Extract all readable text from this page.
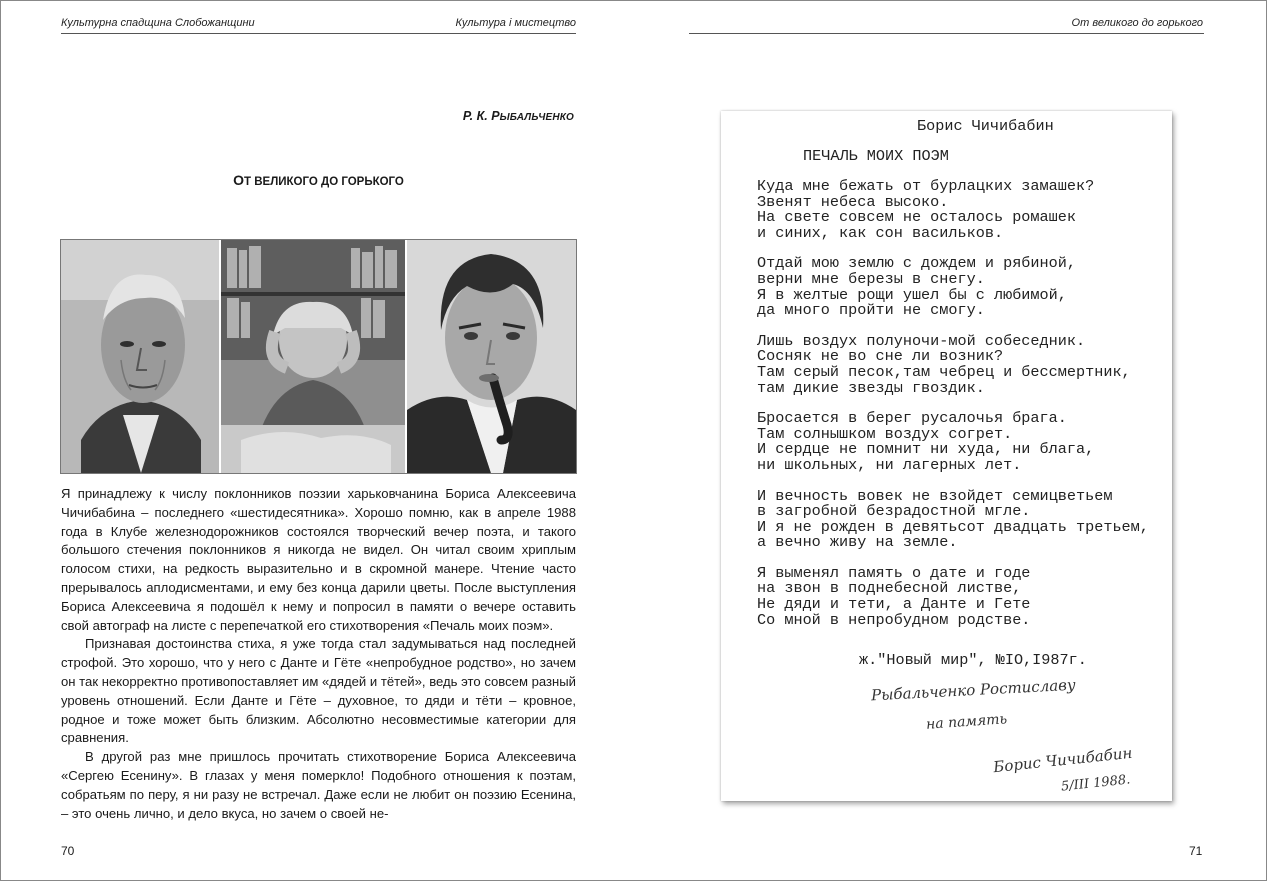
Культурна спадщина Слобожанщини	Культура і мистецтво
Р. К. РЫБАЛЬЧЕНКО
ОТ ВЕЛИКОГО ДО ГОРЬКОГО

Я принадлежу к числу поклонников поэзии харьковчанина Бориса Алексеевича Чичибабина – последнего «шестидесятника». Хорошо помню, как в апреле 1988 года в Клубе железнодорожников состоялся творческий вечер поэта, и такого большого стечения поклонников я никогда не видел. Он читал своим хриплым голосом стихи, на редкость выразительно и в скромной манере. Чтение часто прерывалось аплодисментами, и ему без конца дарили цветы. После выступления Бориса Алексеевича я подошёл к нему и попросил в памяти о вечере оставить свой автограф на листе с перепечаткой его стихотворения «Печаль моих поэм».

Признавая достоинства стиха, я уже тогда стал задумываться над последней строфой. Это хорошо, что у него с Данте и Гёте «непробудное родство», но зачем он так некорректно противопоставляет им «дядей и тётей», ведь это совсем разный уровень отношений. Если Данте и Гёте – духовное, то дяди и тёти – кровное, родное и тоже может быть близким. Абсолютно несовместимые категории для сравнения.

В другой раз мне пришлось прочитать стихотворение Бориса Алексеевича «Сергею Есенину». В глазах у меня померкло! Подобного отношения к поэтам, собратьям по перу, я ни разу не встречал. Даже если не любит он поэзию Есенина, – это очень лично, и дело вкуса, но зачем о своей не-

70
От великого до горького
Борис Чичибабин
ПЕЧАЛЬ МОИХ ПОЭМ
Куда мне бежать от бурлацких замашек?
Звенят небеса высоко.
На свете совсем не осталось ромашек
и синих, как сон васильков.
Отдай мою землю с дождем и рябиной,
верни мне березы в снегу.
Я в желтые рощи ушел бы с любимой,
да много пройти не смогу.
Лишь воздух полуночи-мой собеседник.
Сосняк не во сне ли возник?
Там серый песок,там чебрец и бессмертник,
там дикие звезды гвоздик.
Бросается в берег русалочья брага.
Там солнышком воздух согрет.
И сердце не помнит ни худа, ни блага,
ни школьных, ни лагерных лет.
И вечность вовек не взойдет семицветьем
в загробной безрадостной мгле.
И я не рожден в девятьсот двадцать третьем,
а вечно живу на земле.
Я выменял память о дате и годе
на звон в поднебесной листве,
Не дяди и тети, а Данте и Гете
Со мной в непробудном родстве.
ж."Новый мир", №IO,I987г.
Рыбальченко Ростиславу
на память
Борис Чичибабин
5/III 1988.
71
